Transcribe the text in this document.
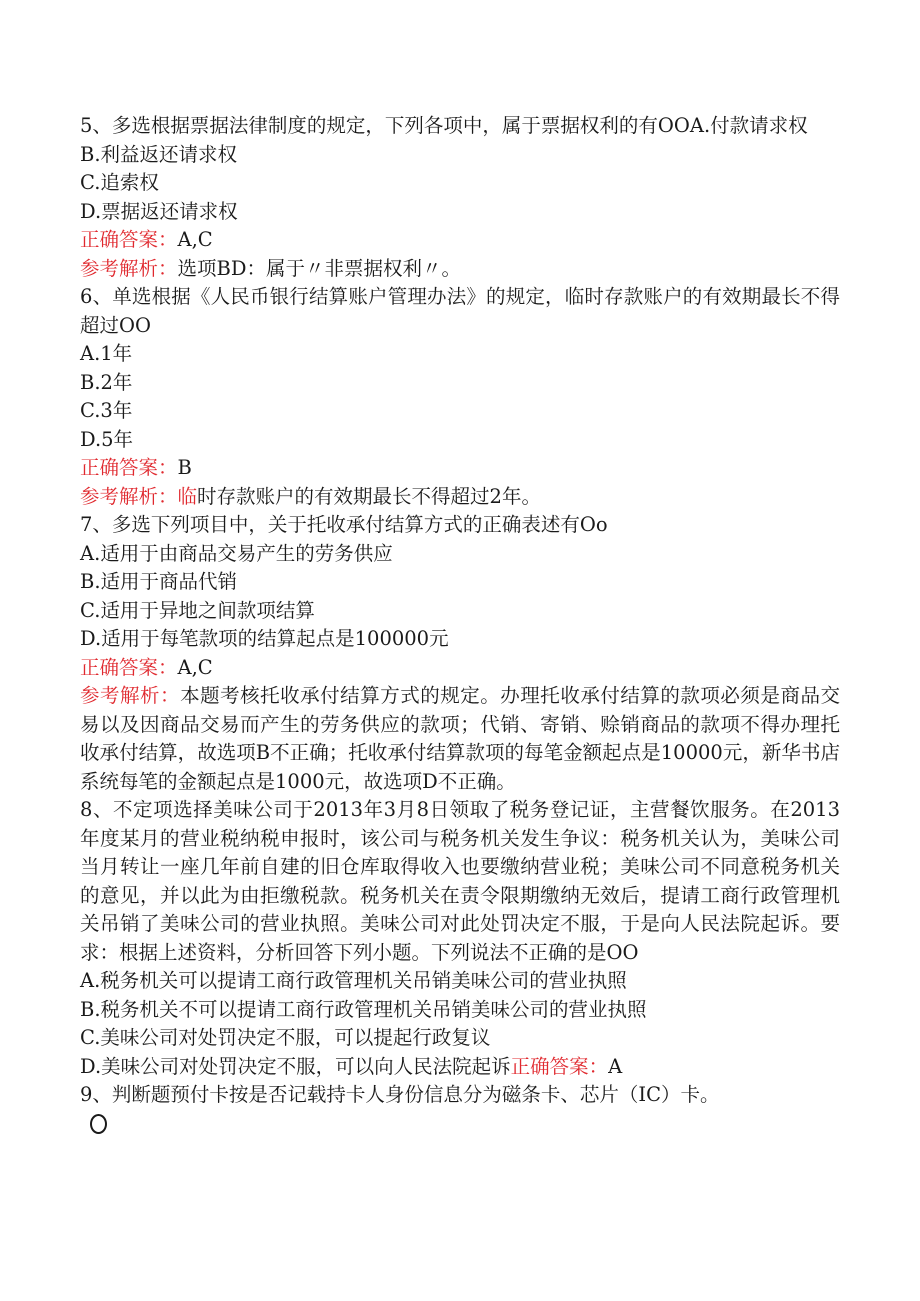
5、多选根据票据法律制度的规定，下列各项中，属于票据权利的有OOA.付款请求权
B.利益返还请求权
C.追索权
D.票据返还请求权
正确答案：A,C
参考解析：选项BD：属于〃非票据权利〃。
6、单选根据《人民币银行结算账户管理办法》的规定，临时存款账户的有效期最长不得超过OO
A.1年
B.2年
C.3年
D.5年
正确答案：B
参考解析：临时存款账户的有效期最长不得超过2年。
7、多选下列项目中，关于托收承付结算方式的正确表述有Oo
A.适用于由商品交易产生的劳务供应
B.适用于商品代销
C.适用于异地之间款项结算
D.适用于每笔款项的结算起点是100000元
正确答案：A,C
参考解析：本题考核托收承付结算方式的规定。办理托收承付结算的款项必须是商品交易以及因商品交易而产生的劳务供应的款项；代销、寄销、赊销商品的款项不得办理托收承付结算，故选项B不正确；托收承付结算款项的每笔金额起点是10000元，新华书店系统每笔的金额起点是1000元，故选项D不正确。
8、不定项选择美味公司于2013年3月8日领取了税务登记证，主营餐饮服务。在2013年度某月的营业税纳税申报时，该公司与税务机关发生争议：税务机关认为，美味公司当月转让一座几年前自建的旧仓库取得收入也要缴纳营业税；美味公司不同意税务机关的意见，并以此为由拒缴税款。税务机关在责令限期缴纳无效后，提请工商行政管理机关吊销了美味公司的营业执照。美味公司对此处罚决定不服，于是向人民法院起诉。要求：根据上述资料，分析回答下列小题。下列说法不正确的是OO
A.税务机关可以提请工商行政管理机关吊销美味公司的营业执照
B.税务机关不可以提请工商行政管理机关吊销美味公司的营业执照
C.美味公司对处罚决定不服，可以提起行政复议
D.美味公司对处罚决定不服，可以向人民法院起诉正确答案：A
9、判断题预付卡按是否记载持卡人身份信息分为磁条卡、芯片（IC）卡。
